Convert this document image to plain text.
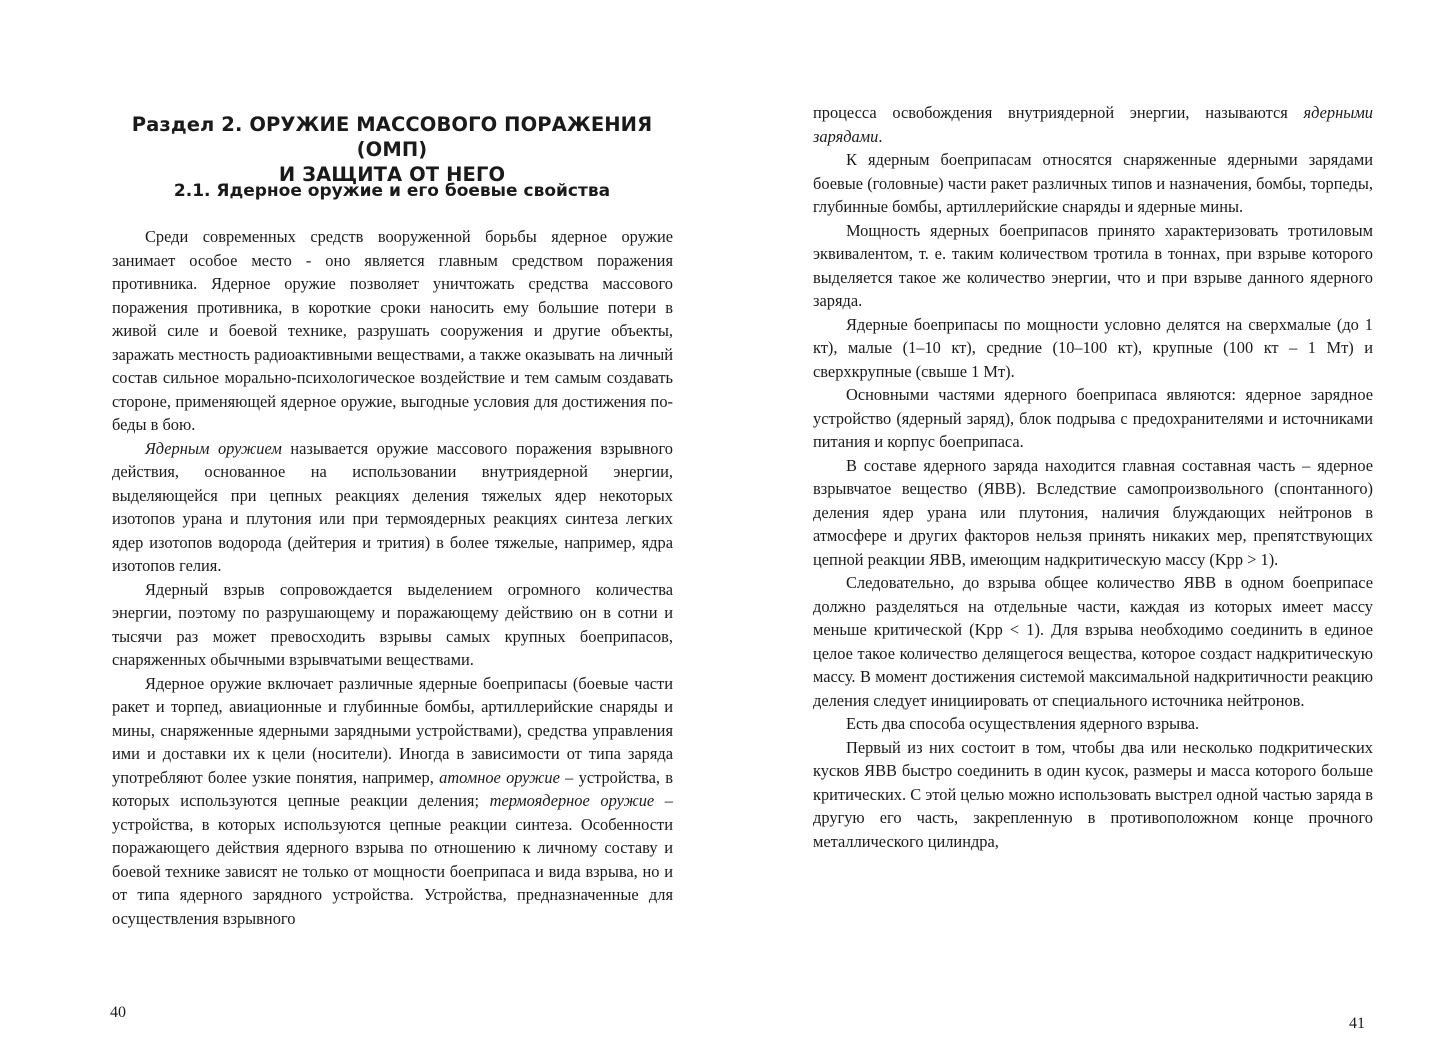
Раздел 2. ОРУЖИЕ МАССОВОГО ПОРАЖЕНИЯ (ОМП)
И ЗАЩИТА ОТ НЕГО
2.1. Ядерное оружие и его боевые свойства

Среди современных средств вооруженной борьбы ядерное оружие занимает особое место - оно является главным средством поражения противника. Ядерное оружие позволяет уничтожать средства массового поражения противника, в короткие сроки наносить ему большие потери в живой силе и боевой технике, разрушать сооружения и другие объекты, заражать местность радиоактивными веществами, а также оказывать на личный состав сильное морально-психологическое воздействие и тем самым создавать стороне, применяющей ядерное оружие, выгодные условия для достижения победы в бою.

Ядерным оружием называется оружие массового поражения взрывного действия, основанное на использовании внутриядерной энергии, выделяющейся при цепных реакциях деления тяжелых ядер некоторых изотопов урана и плутония или при термоядерных реакциях синтеза легких ядер изотопов водорода (дейтерия и трития) в более тяжелые, например, ядра изотопов гелия.

Ядерный взрыв сопровождается выделением огромного количества энергии, поэтому по разрушающему и поражающему действию он в сотни и тысячи раз может превосходить взрывы самых крупных боеприпасов, снаряженных обычными взрывчатыми веществами.

Ядерное оружие включает различные ядерные боеприпасы (боевые части ракет и торпед, авиационные и глубинные бомбы, артиллерийские снаряды и мины, снаряженные ядерными зарядными устройствами), средства управления ими и доставки их к цели (носители). Иногда в зависимости от типа заряда употребляют более узкие понятия, например, атомное оружие – устройства, в которых используются цепные реакции деления; термоядерное оружие – устройства, в которых используются цепные реакции синтеза. Особенности поражающего действия ядерного взрыва по отношению к личному составу и боевой технике зависят не только от мощности боеприпаса и вида взрыва, но и от типа ядерного зарядного устройства. Устройства, предназначенные для осуществления взрывного

40

процесса освобождения внутриядерной энергии, называются ядерными зарядами.

К ядерным боеприпасам относятся снаряженные ядерными зарядами боевые (головные) части ракет различных типов и назначения, бомбы, торпеды, глубинные бомбы, артиллерийские снаряды и ядерные мины.

Мощность ядерных боеприпасов принято характеризовать тротиловым эквивалентом, т. е. таким количеством тротила в тоннах, при взрыве которого выделяется такое же количество энергии, что и при взрыве данного ядерного заряда.

Ядерные боеприпасы по мощности условно делятся на сверхмалые (до 1 кт), малые (1–10 кт), средние (10–100 кт), крупные (100 кт – 1 Мт) и сверхкрупные (свыше 1 Мт).

Основными частями ядерного боеприпаса являются: ядерное зарядное устройство (ядерный заряд), блок подрыва с предохранителями и источниками питания и корпус боеприпаса.

В составе ядерного заряда находится главная составная часть – ядерное взрывчатое вещество (ЯВВ). Вследствие самопроизвольного (спонтанного) деления ядер урана или плутония, наличия блуждающих нейтронов в атмосфере и других факторов нельзя принять никаких мер, препятствующих цепной реакции ЯВВ, имеющим надкритическую массу (Kрр > 1).

Следовательно, до взрыва общее количество ЯВВ в одном боеприпасе должно разделяться на отдельные части, каждая из которых имеет массу меньше критической (Kрр < 1). Для взрыва необходимо соединить в единое целое такое количество делящегося вещества, которое создаст надкритическую массу. В момент достижения системой максимальной надкритичности реакцию деления следует инициировать от специального источника нейтронов.

Есть два способа осуществления ядерного взрыва.

Первый из них состоит в том, чтобы два или несколько подкритических кусков ЯВВ быстро соединить в один кусок, размеры и масса которого больше критических. С этой целью можно использовать выстрел одной частью заряда в другую его часть, закрепленную в противоположном конце прочного металлического цилиндра,

41
